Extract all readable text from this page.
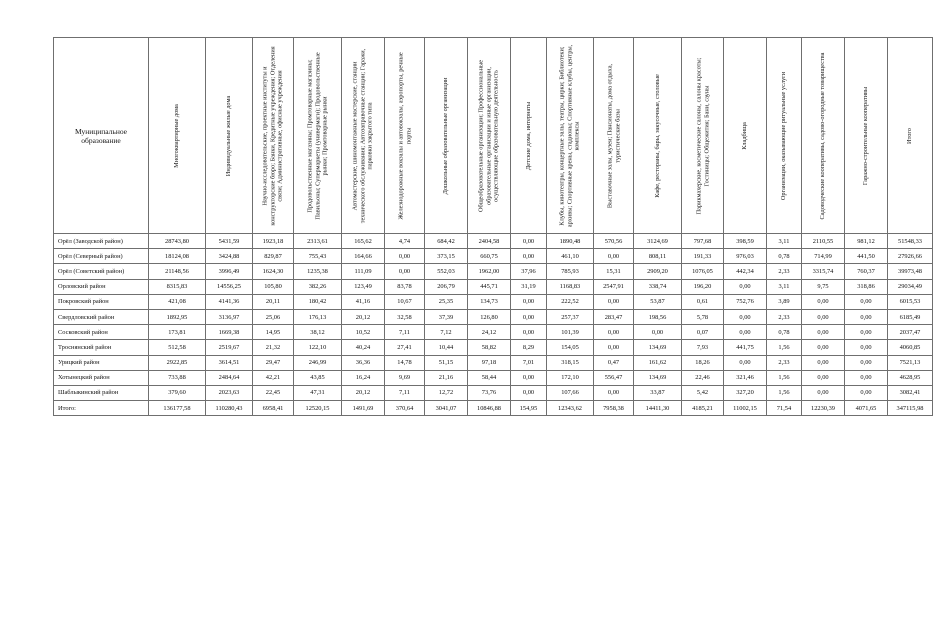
Муниципальное образование	Многоквартирные дома	Индивидуальные жилые дома	Научно-исследовательские, проектные институты и конструкторские бюро; Банки, Кредитные учреждения; Отделения связи; Административные, офисные учреждения	Продовольственные магазины; Промтоварные магазины; Павильоны; Супермаркеты (универмаги); Продовольственные рынки; Промтоварные рынки	Автомастерские, шиномонтажные мастерские, станции технического обслуживания; Автозаправочные станции; Гаражи, парковки закрытого типа	Железнодорожные вокзалы и автовокзалы, аэропорты, речные порты	Дошкольные образовательные организации	Общеобразовательные организации; Профессиональные образовательные организации и иные организации, осуществляющие образовательную деятельность	Детские дома, интернаты	Клубы, кинотеатры, концертные залы, театры, цирки; Библиотеки; архивы; Спортивные арены, стадионы; Спортивные клубы, центры, комплексы	Выставочные залы, музеи; Пансионаты, дома отдыха, туристические базы	Кафе, рестораны, бары, закусочные, столовые	Парикмахерские, косметические салоны, салоны красоты; Гостиницы; Общежития; Бани, сауны	Кладбища	Организации, оказывающие ритуальные услуги	Садоводческие кооперативы, садово-огородные товарищества	Гаражно-строительные кооперативы	Итого

Орёл (Заводской район)	28743,80	5431,59	1923,18	2313,61	165,62	4,74	684,42	2404,58	0,00	1890,48	570,56	3124,69	797,68	398,59	3,11	2110,55	981,12	51548,33
Орёл (Северный район)	18124,08	3424,88	829,87	755,43	164,66	0,00	373,15	660,75	0,00	461,10	0,00	808,11	191,33	976,03	0,78	714,99	441,50	27926,66
Орёл (Советский район)	21148,56	3996,49	1624,30	1235,38	111,09	0,00	552,03	1962,00	37,96	785,93	15,31	2909,20	1076,05	442,34	2,33	3315,74	760,37	39973,48
Орловский район	8315,83	14556,25	105,80	382,26	123,49	83,78	206,79	445,71	31,19	1168,83	2547,91	338,74	196,20	0,00	3,11	9,75	318,86	29034,49
Покровский район	421,08	4141,36	20,11	180,42	41,16	10,67	25,35	134,73	0,00	222,52	0,00	53,87	0,61	752,76	3,89	0,00	0,00	6015,53
Свердловский район	1892,95	3136,97	25,06	176,13	20,12	32,58	37,39	126,80	0,00	257,37	283,47	198,56	5,78	0,00	2,33	0,00	0,00	6185,49
Сосковский район	173,81	1669,38	14,95	38,12	10,52	7,11	7,12	24,12	0,00	101,39	0,00	0,00	0,07	0,00	0,78	0,00	0,00	2037,47
Троснянский район	512,58	2519,67	21,32	122,10	40,24	27,41	10,44	58,82	8,29	154,05	0,00	134,69	7,93	441,75	1,56	0,00	0,00	4060,85
Урицкий район	2922,85	3614,51	29,47	246,99	36,36	14,78	51,15	97,18	7,01	318,15	0,47	161,62	18,26	0,00	2,33	0,00	0,00	7521,13
Хотынецкий район	733,88	2484,64	42,21	43,85	16,24	9,69	21,16	58,44	0,00	172,10	556,47	134,69	22,46	321,46	1,56	0,00	0,00	4628,95
Шаблыкинский район	379,60	2023,63	22,45	47,31	20,12	7,11	12,72	73,76	0,00	107,66	0,00	33,87	5,42	327,20	1,56	0,00	0,00	3082,41
Итого:	136177,58	110280,43	6958,41	12520,15	1491,69	370,64	3041,07	10846,88	154,95	12343,62	7958,38	14411,30	4185,21	11002,15	71,54	12230,39	4071,65	347115,98
